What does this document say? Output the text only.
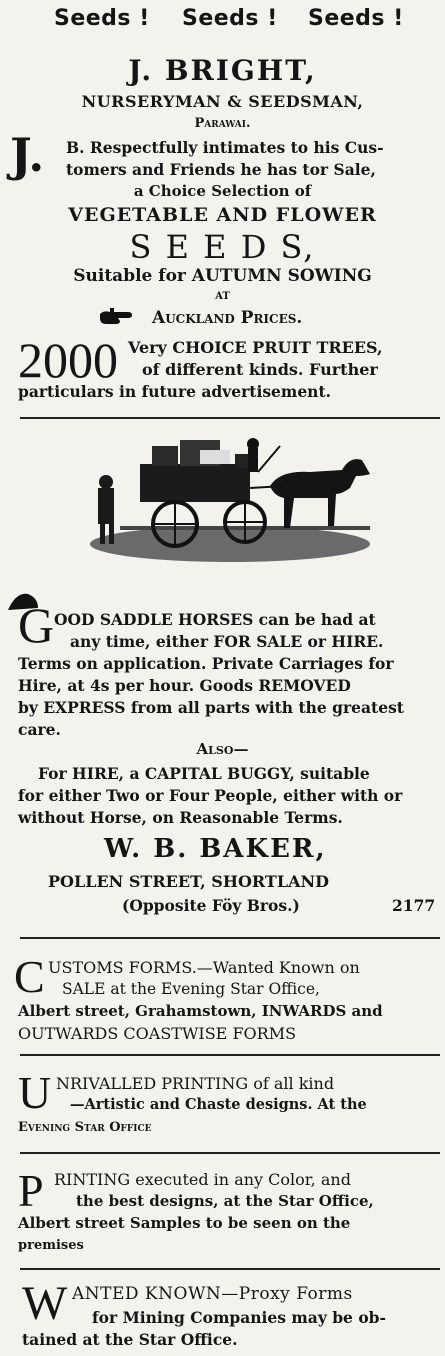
Seeds ! Seeds ! Seeds !
J. BRIGHT,
NURSERYMAN & SEEDSMAN,
Parawai.
J. B. Respectfully intimates to his Cus-
tomers and Friends he has tor Sale,
a Choice Selection of
VEGETABLE AND FLOWER
S E E D S,
Suitable for AUTUMN SOWING
AT
Auckland Prices.
2000 Very CHOICE PRUIT TREES,
of different kinds. Further
particulars in future advertisement.
G OOD SADDLE HORSES can be had at
any time, either FOR SALE or HIRE.
Terms on application. Private Carriages for
Hire, at 4s per hour. Goods REMOVED
by EXPRESS from all parts with the greatest
care.
Also—
For HIRE, a CAPITAL BUGGY, suitable
for either Two or Four People, either with or
without Horse, on Reasonable Terms.
W. B. BAKER,
POLLEN STREET, SHORTLAND
(Opposite Föy Bros.)	2177
C USTOMS FORMS.—Wanted Known on
SALE at the Evening Star Office,
Albert street, Grahamstown, INWARDS and
OUTWARDS COASTWISE FORMS
U NRIVALLED PRINTING of all kind
—Artistic and Chaste designs. At the
Evening Star Office
P RINTING executed in any Color, and
the best designs, at the Star Office,
Albert street Samples to be seen on the
premises
W ANTED KNOWN—Proxy Forms
for Mining Companies may be ob-
tained at the Star Office.
